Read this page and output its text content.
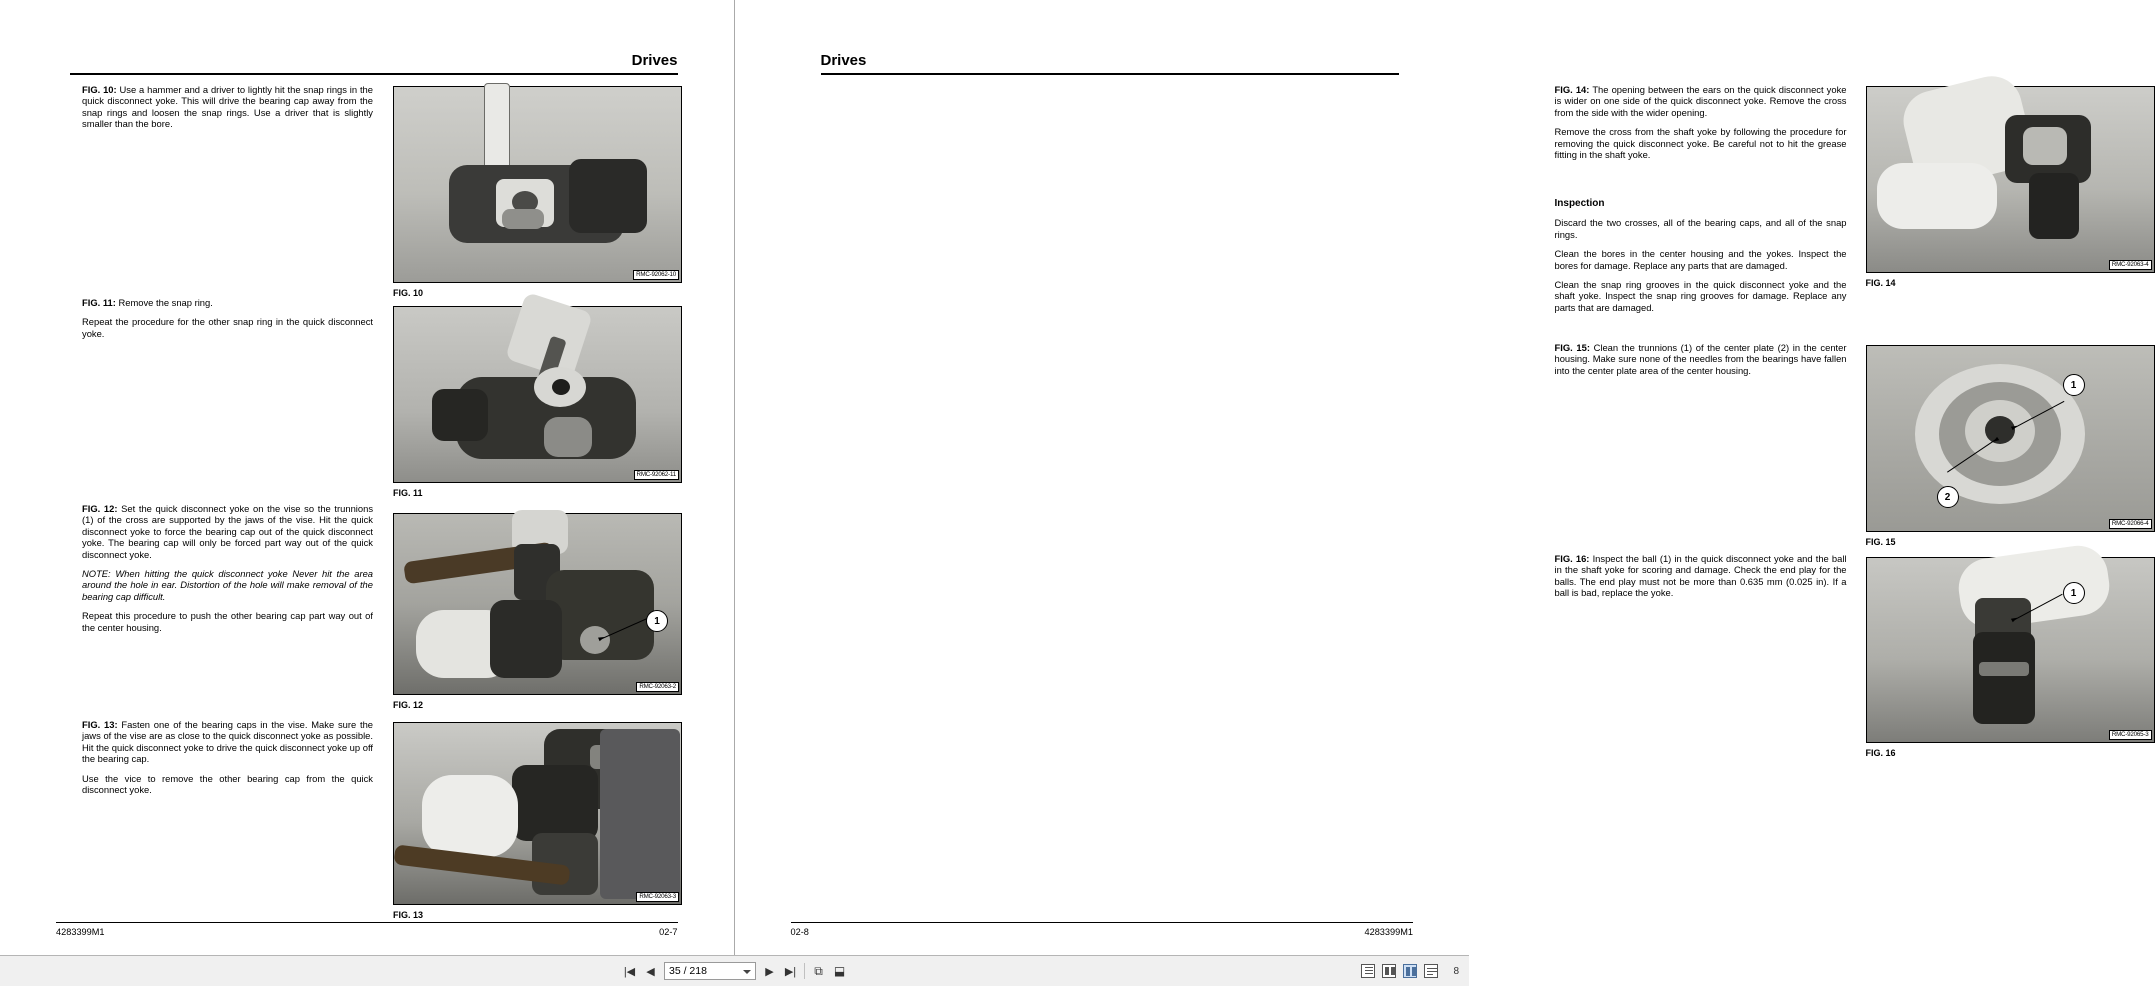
Drives

FIG. 10: Use a hammer and a driver to lightly hit the snap rings in the quick disconnect yoke. This will drive the bearing cap away from the snap rings and loosen the snap rings. Use a driver that is slightly smaller than the bore.

FIG. 11: Remove the snap ring.

Repeat the procedure for the other snap ring in the quick disconnect yoke.

FIG. 12: Set the quick disconnect yoke on the vise so the trunnions (1) of the cross are supported by the jaws of the vise. Hit the quick disconnect yoke to force the bearing cap out of the quick disconnect yoke. The bearing cap will only be forced part way out of the quick disconnect yoke.

NOTE: When hitting the quick disconnect yoke Never hit the area around the hole in ear. Distortion of the hole will make removal of the bearing cap difficult.

Repeat this procedure to push the other bearing cap part way out of the center housing.

FIG. 13: Fasten one of the bearing caps in the vise. Make sure the jaws of the vise are as close to the quick disconnect yoke as possible. Hit the quick disconnect yoke to drive the quick disconnect yoke up off the bearing cap.

Use the vice to remove the other bearing cap from the quick disconnect yoke.

RMC-92062-10
FIG. 10
RMC-92062-11
FIG. 11
1
RMC-92063-2
FIG. 12
RMC-92063-3
FIG. 13
4283399M1	02-7
Drives

FIG. 14: The opening between the ears on the quick disconnect yoke is wider on one side of the quick disconnect yoke. Remove the cross from the side with the wider opening.

Remove the cross from the shaft yoke by following the procedure for removing the quick disconnect yoke. Be careful not to hit the grease fitting in the shaft yoke.

Inspection

Discard the two crosses, all of the bearing caps, and all of the snap rings.

Clean the bores in the center housing and the yokes. Inspect the bores for damage. Replace any parts that are damaged.

Clean the snap ring grooves in the quick disconnect yoke and the shaft yoke. Inspect the snap ring grooves for damage. Replace any parts that are damaged.

FIG. 15: Clean the trunnions (1) of the center plate (2) in the center housing. Make sure none of the needles from the bearings have fallen into the center plate area of the center housing.

FIG. 16: Inspect the ball (1) in the quick disconnect yoke and the ball in the shaft yoke for scoring and damage. Check the end play for the balls. The end play must not be more than 0.635 mm (0.025 in). If a ball is bad, replace the yoke.

RMC-92063-4
FIG. 14
1
2
RMC-92066-4
FIG. 15
1
RMC-92065-3
FIG. 16
02-8	4283399M1
|◀ ◀	35 / 218	▶ ▶| ⧉ ⬓	8
